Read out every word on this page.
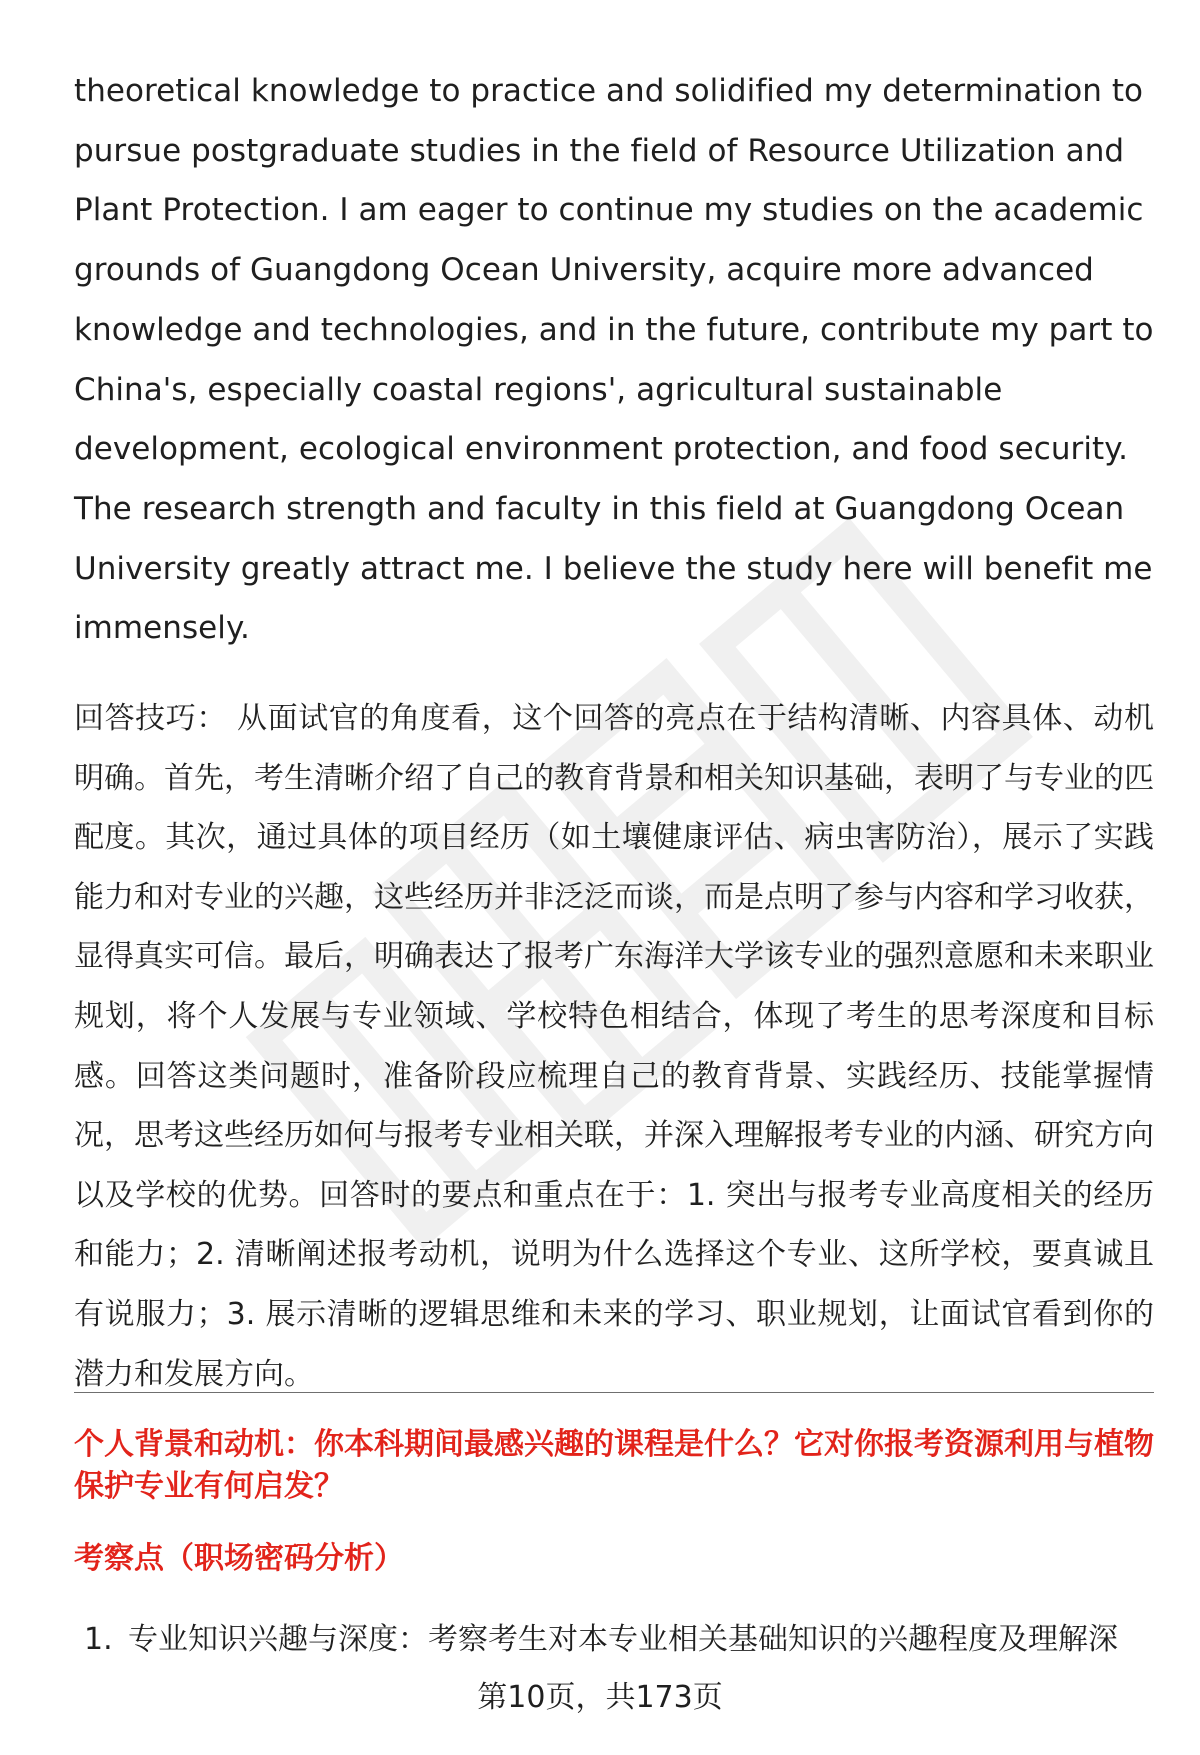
theoretical knowledge to practice and solidified my determination to pursue postgraduate studies in the field of Resource Utilization and Plant Protection. I am eager to continue my studies on the academic grounds of Guangdong Ocean University, acquire more advanced knowledge and technologies, and in the future, contribute my part to China's, especially coastal regions', agricultural sustainable development, ecological environment protection, and food security. The research strength and faculty in this field at Guangdong Ocean University greatly attract me. I believe the study here will benefit me immensely.

回答技巧： 从面试官的角度看，这个回答的亮点在于结构清晰、内容具体、动机明确。首先，考生清晰介绍了自己的教育背景和相关知识基础，表明了与专业的匹配度。其次，通过具体的项目经历（如土壤健康评估、病虫害防治），展示了实践能力和对专业的兴趣，这些经历并非泛泛而谈，而是点明了参与内容和学习收获，显得真实可信。最后，明确表达了报考广东海洋大学该专业的强烈意愿和未来职业规划，将个人发展与专业领域、学校特色相结合，体现了考生的思考深度和目标感。回答这类问题时，准备阶段应梳理自己的教育背景、实践经历、技能掌握情况，思考这些经历如何与报考专业相关联，并深入理解报考专业的内涵、研究方向以及学校的优势。回答时的要点和重点在于：1. 突出与报考专业高度相关的经历和能力；2. 清晰阐述报考动机，说明为什么选择这个专业、这所学校，要真诚且有说服力；3. 展示清晰的逻辑思维和未来的学习、职业规划，让面试官看到你的潜力和发展方向。

个人背景和动机：你本科期间最感兴趣的课程是什么？它对你报考资源利用与植物保护专业有何启发？

考察点（职场密码分析）

1. 专业知识兴趣与深度：考察考生对本专业相关基础知识的兴趣程度及理解深

第10页，共173页
